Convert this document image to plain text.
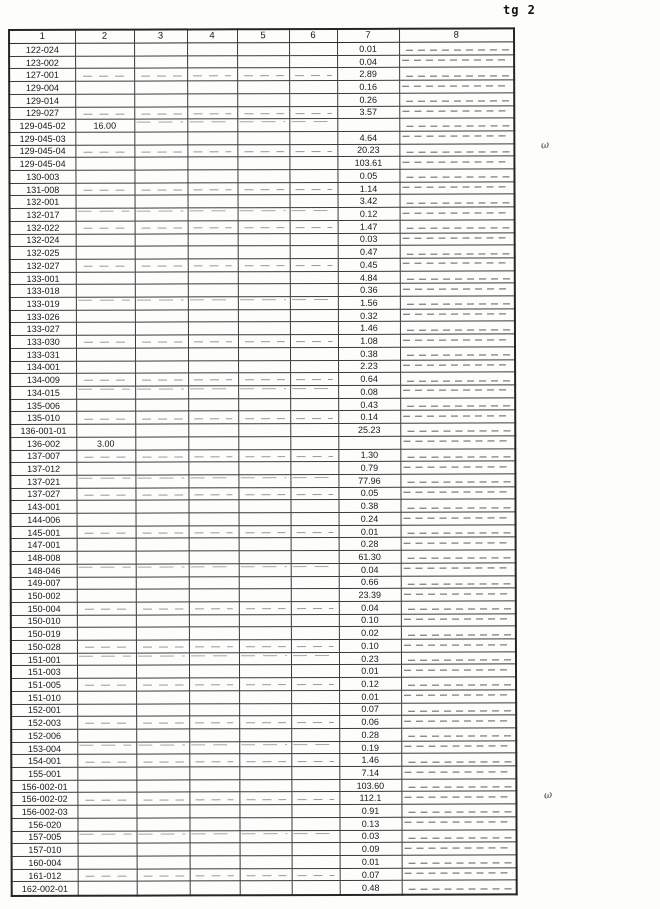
tg 2
1	2	3	4	5	6	7	8
122-024						0.01	
123-002						0.04	
127-001						2.89	
129-004						0.16	
129-014						0.26	
129-027						3.57	
129-045-02	16.00						
129-045-03						4.64	
129-045-04						20.23	
129-045-04						103.61	
130-003						0.05	
131-008						1.14	
132-001						3.42	
132-017						0.12	
132-022						1.47	
132-024						0.03	
132-025						0.47	
132-027						0.45	
133-001						4.84	
133-018						0.36	
133-019						1.56	
133-026						0.32	
133-027						1.46	
133-030						1.08	
133-031						0.38	
134-001						2.23	
134-009						0.64	
134-015						0.08	
135-006						0.43	
135-010						0.14	
136-001-01						25.23	
136-002	3.00						
137-007						1.30	
137-012						0.79	
137-021						77.96	
137-027						0.05	
143-001						0.38	
144-006						0.24	
145-001						0.01	
147-001						0.28	
148-008						61.30	
148-046						0.04	
149-007						0.66	
150-002						23.39	
150-004						0.04	
150-010						0.10	
150-019						0.02	
150-028						0.10	
151-001						0.23	
151-003						0.01	
151-005						0.12	
151-010						0.01	
152-001						0.07	
152-003						0.06	
152-006						0.28	
153-004						0.19	
154-001						1.46	
155-001						7.14	
156-002-01						103.60	
156-002-02						112.1	
156-002-03						0.91	
156-020						0.13	
157-005						0.03	
157-010						0.09	
160-004						0.01	
161-012						0.07	
162-002-01						0.48	
ω
ω
